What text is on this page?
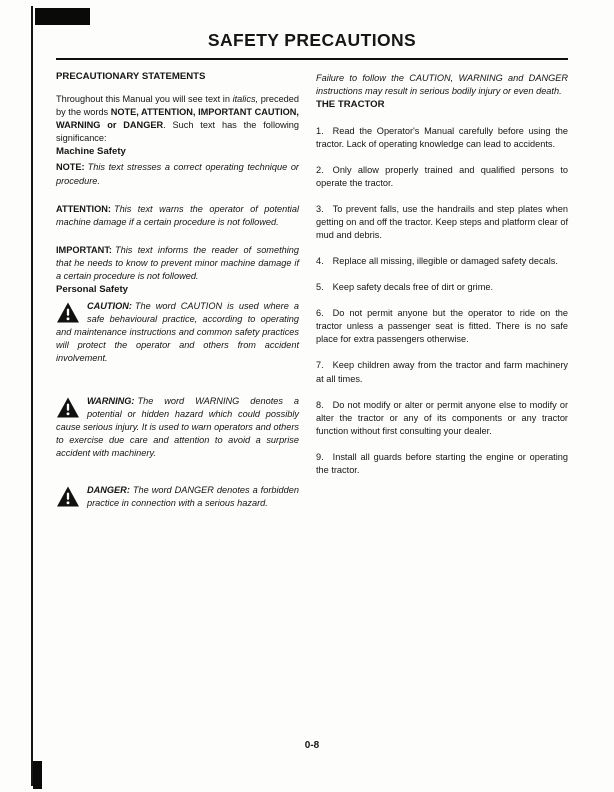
SAFETY PRECAUTIONS
PRECAUTIONARY STATEMENTS

Throughout this Manual you will see text in italics, preceded by the words NOTE, ATTENTION, IMPORTANT CAUTION, WARNING or DANGER. Such text has the following significance:

Machine Safety

NOTE: This text stresses a correct operating technique or procedure.

ATTENTION: This text warns the operator of potential machine damage if a certain procedure is not followed.

IMPORTANT: This text informs the reader of something that he needs to know to prevent minor machine damage if a certain procedure is not followed.

Personal Safety
CAUTION: The word CAUTION is used where a safe behavioural practice, according to operating and maintenance instructions and common safety practices will protect the operator and others from accident involvement.
WARNING: The word WARNING denotes a potential or hidden hazard which could possibly cause serious injury. It is used to warn operators and others to exercise due care and attention to avoid a surprise accident with machinery.
DANGER: The word DANGER denotes a forbidden practice in connection with a serious hazard.

Failure to follow the CAUTION, WARNING and DANGER instructions may result in serious bodily injury or even death.

THE TRACTOR

1. Read the Operator's Manual carefully before using the tractor. Lack of operating knowledge can lead to accidents.

2. Only allow properly trained and qualified persons to operate the tractor.

3. To prevent falls, use the handrails and step plates when getting on and off the tractor. Keep steps and platform clear of mud and debris.

4. Replace all missing, illegible or damaged safety decals.

5. Keep safety decals free of dirt or grime.

6. Do not permit anyone but the operator to ride on the tractor unless a passenger seat is fitted. There is no safe place for extra passengers otherwise.

7. Keep children away from the tractor and farm machinery at all times.

8. Do not modify or alter or permit anyone else to modify or alter the tractor or any of its components or any tractor function without first consulting your dealer.

9. Install all guards before starting the engine or operating the tractor.

0-8
